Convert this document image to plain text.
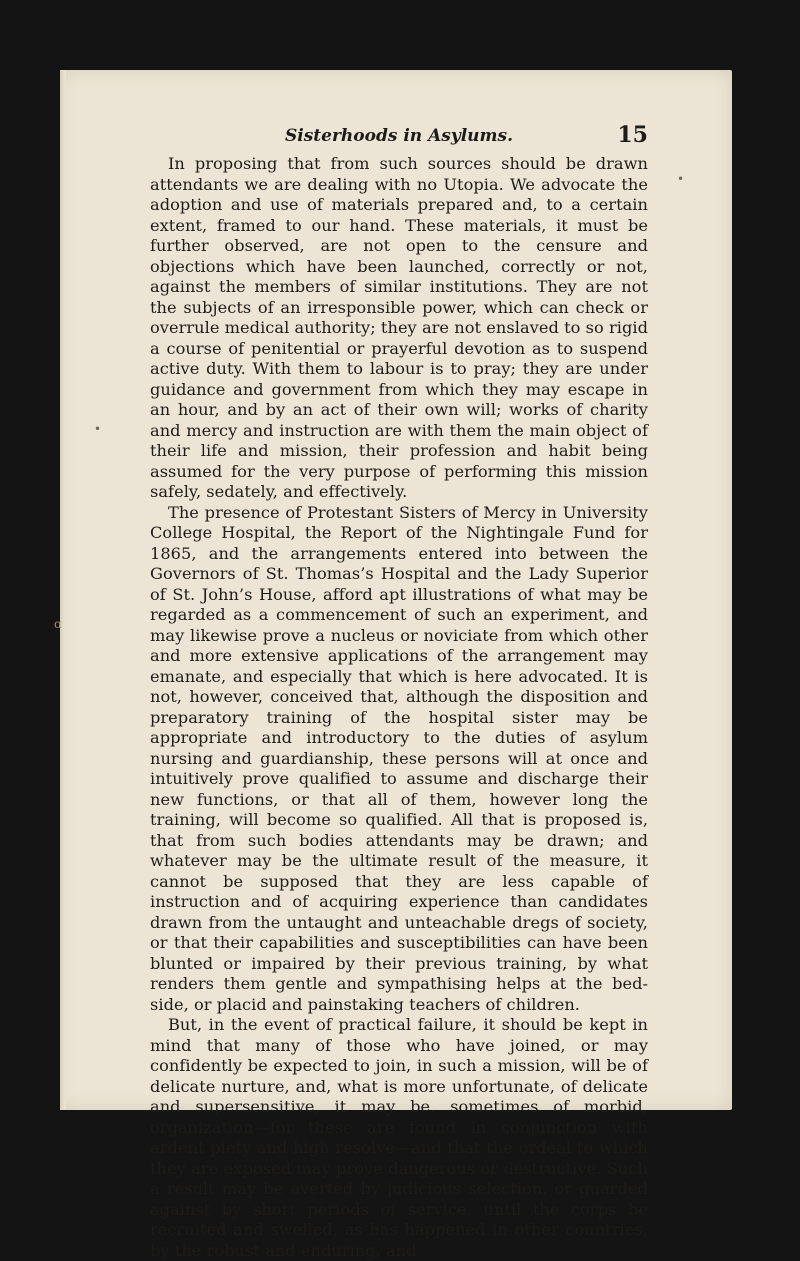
•
•
ɑ
Sisterhoods in Asylums.	15

In proposing that from such sources should be drawn attendants we are dealing with no Utopia. We advocate the adoption and use of materials prepared and, to a certain extent, framed to our hand. These materials, it must be further observed, are not open to the censure and objections which have been launched, correctly or not, against the members of similar institutions. They are not the subjects of an irresponsible power, which can check or overrule medical authority; they are not enslaved to so rigid a course of penitential or prayerful devotion as to suspend active duty. With them to labour is to pray; they are under guidance and government from which they may escape in an hour, and by an act of their own will; works of charity and mercy and instruction are with them the main object of their life and mission, their profession and habit being assumed for the very purpose of performing this mission safely, sedately, and effectively.

The presence of Protestant Sisters of Mercy in University College Hospital, the Report of the Nightingale Fund for 1865, and the arrangements entered into between the Governors of St. Thomas’s Hospital and the Lady Superior of St. John’s House, afford apt illustrations of what may be regarded as a commencement of such an experiment, and may likewise prove a nucleus or noviciate from which other and more extensive applications of the arrangement may emanate, and especially that which is here advocated. It is not, however, conceived that, although the disposition and preparatory training of the hospital sister may be appropriate and introductory to the duties of asylum nursing and guardianship, these persons will at once and intuitively prove qualified to assume and discharge their new functions, or that all of them, however long the training, will become so qualified. All that is proposed is, that from such bodies attendants may be drawn; and whatever may be the ultimate result of the measure, it cannot be supposed that they are less capable of instruction and of acquiring experience than candidates drawn from the untaught and unteachable dregs of society, or that their capabilities and susceptibilities can have been blunted or impaired by their previous training, by what renders them gentle and sympathising helps at the bed-side, or placid and painstaking teachers of children.

But, in the event of practical failure, it should be kept in mind that many of those who have joined, or may confidently be expected to join, in such a mission, will be of delicate nurture, and, what is more unfortunate, of delicate and supersensitive, it may be, sometimes of morbid, organization—for these are found in conjunction with ardent piety and high resolve—and that the ordeal to which they are exposed may prove dangerous or destructive. Such a result may be averted by judicious selection, or guarded against by short periods of service, until the corps be recruited and swelled, as has happened in other countries, by the robust and enduring, and
